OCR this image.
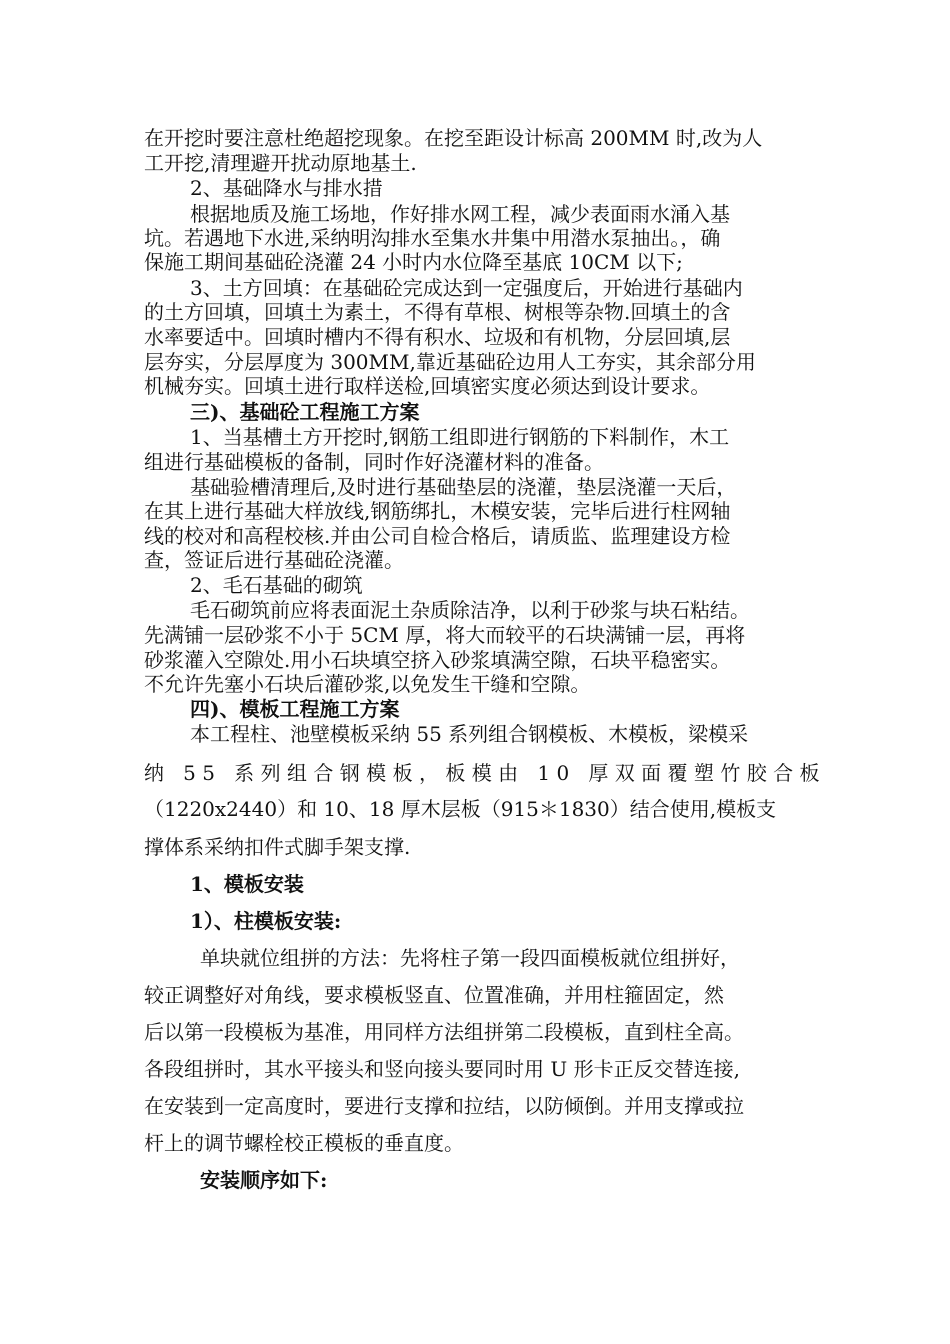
在开挖时要注意杜绝超挖现象。在挖至距设计标高 200MM 时,改为人
工开挖,清理避开扰动原地基土.
2、基础降水与排水措
根据地质及施工场地，作好排水网工程，减少表面雨水涌入基
坑。若遇地下水进,采纳明沟排水至集水井集中用潜水泵抽出。，确
保施工期间基础砼浇灌 24 小时内水位降至基底 10CM 以下;
3、土方回填：在基础砼完成达到一定强度后，开始进行基础内
的土方回填，回填土为素土，不得有草根、树根等杂物.回填土的含
水率要适中。回填时槽内不得有积水、垃圾和有机物，分层回填,层
层夯实，分层厚度为 300MM,靠近基础砼边用人工夯实，其余部分用
机械夯实。回填土进行取样送检,回填密实度必须达到设计要求。
三)、基础砼工程施工方案
1、当基槽土方开挖时,钢筋工组即进行钢筋的下料制作，木工
组进行基础模板的备制，同时作好浇灌材料的准备。
基础验槽清理后,及时进行基础垫层的浇灌，垫层浇灌一天后，
在其上进行基础大样放线,钢筋绑扎，木模安装，完毕后进行柱网轴
线的校对和高程校核.并由公司自检合格后，请质监、监理建设方检
查，签证后进行基础砼浇灌。
2、毛石基础的砌筑
毛石砌筑前应将表面泥土杂质除洁净，以利于砂浆与块石粘结。
先满铺一层砂浆不小于 5CM 厚，将大而较平的石块满铺一层，再将
砂浆灌入空隙处.用小石块填空挤入砂浆填满空隙，石块平稳密实。
不允许先塞小石块后灌砂浆,以免发生干缝和空隙。
四)、模板工程施工方案
本工程柱、池壁模板采纳 55 系列组合钢模板、木模板，梁模采
纳 55 系列组合钢模板，板模由 10 厚双面覆塑竹胶合板
（1220x2440）和 10、18 厚木层板（915＊1830）结合使用,模板支
撑体系采纳扣件式脚手架支撑.
1、模板安装
1）、柱模板安装:
单块就位组拼的方法：先将柱子第一段四面模板就位组拼好，
较正调整好对角线，要求模板竖直、位置准确，并用柱箍固定，然
后以第一段模板为基准，用同样方法组拼第二段模板，直到柱全高。
各段组拼时，其水平接头和竖向接头要同时用 U 形卡正反交替连接,
在安装到一定高度时，要进行支撑和拉结，以防倾倒。并用支撑或拉
杆上的调节螺栓校正模板的垂直度。
安装顺序如下:
